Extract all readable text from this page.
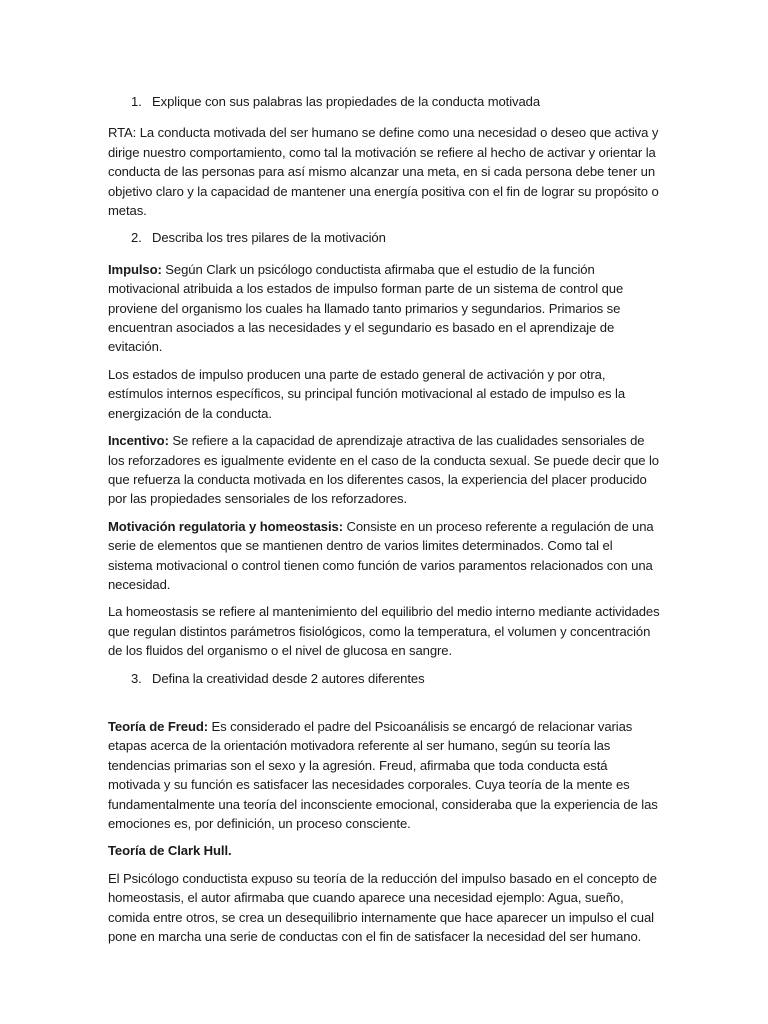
1. Explique con sus palabras las propiedades de la conducta motivada

RTA: La conducta motivada del ser humano se define como una necesidad o deseo que activa y dirige nuestro comportamiento, como tal la motivación se refiere al hecho de activar y orientar la conducta de las personas para así mismo alcanzar una meta, en si cada persona debe tener un objetivo claro y la capacidad de mantener una energía positiva con el fin de lograr su propósito o metas.

2. Describa los tres pilares de la motivación

Impulso: Según Clark un psicólogo conductista afirmaba que el estudio de la función motivacional atribuida a los estados de impulso forman parte de un sistema de control que proviene del organismo los cuales ha llamado tanto primarios y segundarios. Primarios se encuentran asociados a las necesidades y el segundario es basado en el aprendizaje de evitación.

Los estados de impulso producen una parte de estado general de activación y por otra, estímulos internos específicos, su principal función motivacional al estado de impulso es la energización de la conducta.

Incentivo: Se refiere a la capacidad de aprendizaje atractiva de las cualidades sensoriales de los reforzadores es igualmente evidente en el caso de la conducta sexual. Se puede decir que lo que refuerza la conducta motivada en los diferentes casos, la experiencia del placer producido por las propiedades sensoriales de los reforzadores.

Motivación regulatoria y homeostasis: Consiste en un proceso referente a regulación de una serie de elementos que se mantienen dentro de varios limites determinados. Como tal el sistema motivacional o control tienen como función de varios paramentos relacionados con una necesidad.

La homeostasis se refiere al mantenimiento del equilibrio del medio interno mediante actividades que regulan distintos parámetros fisiológicos, como la temperatura, el volumen y concentración de los fluidos del organismo o el nivel de glucosa en sangre.

3. Defina la creatividad desde 2 autores diferentes

Teoría de Freud: Es considerado el padre del Psicoanálisis se encargó de relacionar varias etapas acerca de la orientación motivadora referente al ser humano, según su teoría las tendencias primarias son el sexo y la agresión. Freud, afirmaba que toda conducta está motivada y su función es satisfacer las necesidades corporales. Cuya teoría de la mente es fundamentalmente una teoría del inconsciente emocional, consideraba que la experiencia de las emociones es, por definición, un proceso consciente.

Teoría de Clark Hull.

El Psicólogo conductista expuso su teoría de la reducción del impulso basado en el concepto de homeostasis, el autor afirmaba que cuando aparece una necesidad ejemplo: Agua, sueño, comida entre otros, se crea un desequilibrio internamente que hace aparecer un impulso el cual pone en marcha una serie de conductas con el fin de satisfacer la necesidad del ser humano.
